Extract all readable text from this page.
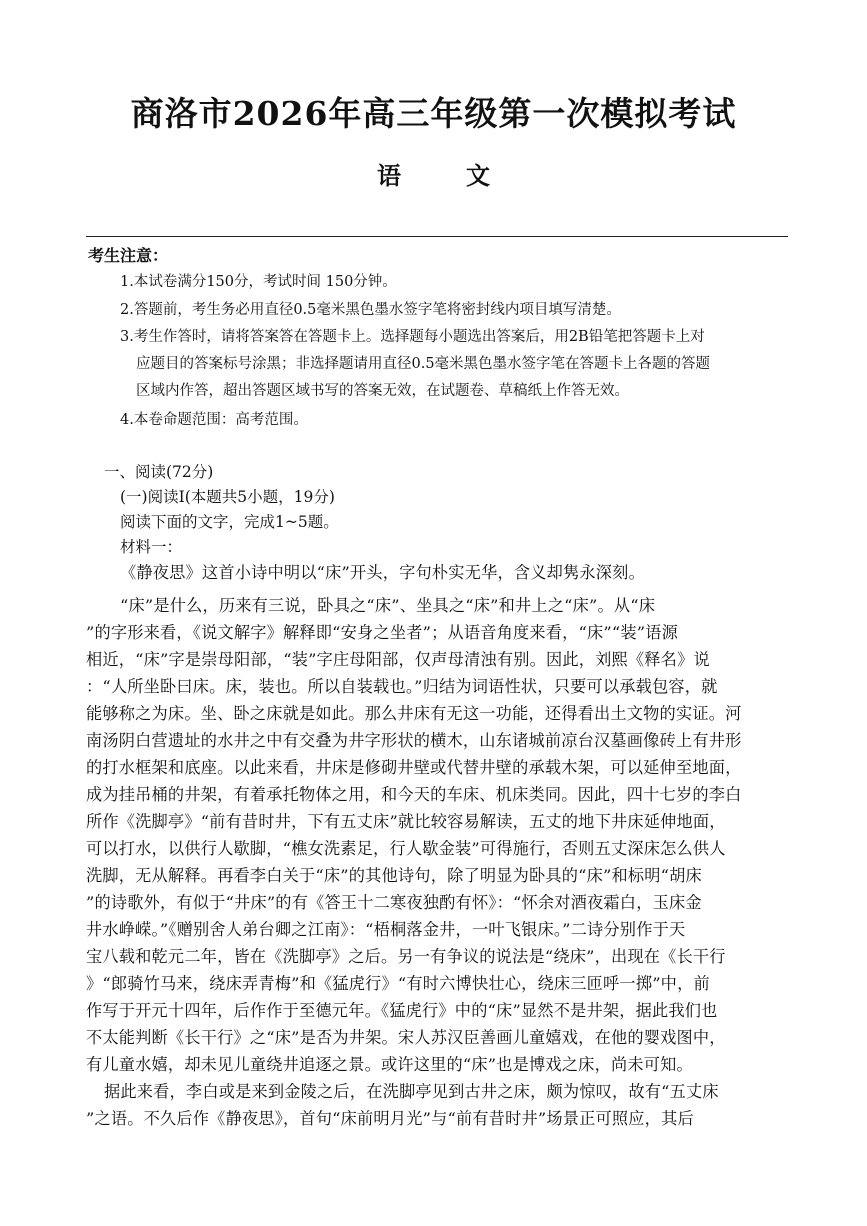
商洛市2026年高三年级第一次模拟考试
语	文
考生注意：
1.本试卷满分150分，考试时间 150分钟。
2.答题前，考生务必用直径0.5毫米黑色墨水签字笔将密封线内项目填写清楚。
3.考生作答时，请将答案答在答题卡上。选择题每小题选出答案后，用2B铅笔把答题卡上对
应题目的答案标号涂黑；非选择题请用直径0.5毫米黑色墨水签字笔在答题卡上各题的答题
区域内作答，超出答题区域书写的答案无效，在试题卷、草稿纸上作答无效。
4.本卷命题范围：高考范围。
一、阅读(72分)
(一)阅读Ⅰ(本题共5小题，19分)
阅读下面的文字，完成1~5题。
材料一：
《静夜思》这首小诗中明以“床”开头，字句朴实无华，含义却隽永深刻。
“床”是什么，历来有三说，卧具之“床”、坐具之“床”和井上之“床”。从“床
”的字形来看，《说文解字》解释即“安身之坐者”；从语音角度来看，“床”“装”语源
相近，“床”字是崇母阳部，“装”字庄母阳部，仅声母清浊有别。因此，刘熙《释名》说
：“人所坐卧曰床。床，装也。所以自装载也。”归结为词语性状，只要可以承载包容，就
能够称之为床。坐、卧之床就是如此。那么井床有无这一功能，还得看出土文物的实证。河
南汤阴白营遗址的水井之中有交叠为井字形状的横木，山东诸城前凉台汉墓画像砖上有井形
的打水框架和底座。以此来看，井床是修砌井壁或代替井壁的承载木架，可以延伸至地面，
成为挂吊桶的井架，有着承托物体之用，和今天的车床、机床类同。因此，四十七岁的李白
所作《洗脚亭》“前有昔时井，下有五丈床”就比较容易解读，五丈的地下井床延伸地面，
可以打水，以供行人歇脚，“樵女洗素足，行人歇金装”可得施行，否则五丈深床怎么供人
洗脚，无从解释。再看李白关于“床”的其他诗句，除了明显为卧具的“床”和标明“胡床
”的诗歌外，有似于“井床”的有《答王十二寒夜独酌有怀》：“怀余对酒夜霜白，玉床金
井水峥嵘。”《赠别舍人弟台卿之江南》：“梧桐落金井，一叶飞银床。”二诗分别作于天
宝八载和乾元二年，皆在《洗脚亭》之后。另一有争议的说法是“绕床”，出现在《长干行
》“郎骑竹马来，绕床弄青梅”和《猛虎行》“有时六博快壮心，绕床三匝呼一掷”中，前
作写于开元十四年，后作作于至德元年。《猛虎行》中的“床”显然不是井架，据此我们也
不太能判断《长干行》之“床”是否为井架。宋人苏汉臣善画儿童嬉戏，在他的婴戏图中，
有儿童水嬉，却未见儿童绕井追逐之景。或许这里的“床”也是博戏之床，尚未可知。
据此来看，李白或是来到金陵之后，在洗脚亭见到古井之床，颇为惊叹，故有“五丈床
”之语。不久后作《静夜思》，首句“床前明月光”与“前有昔时井”场景正可照应，其后
